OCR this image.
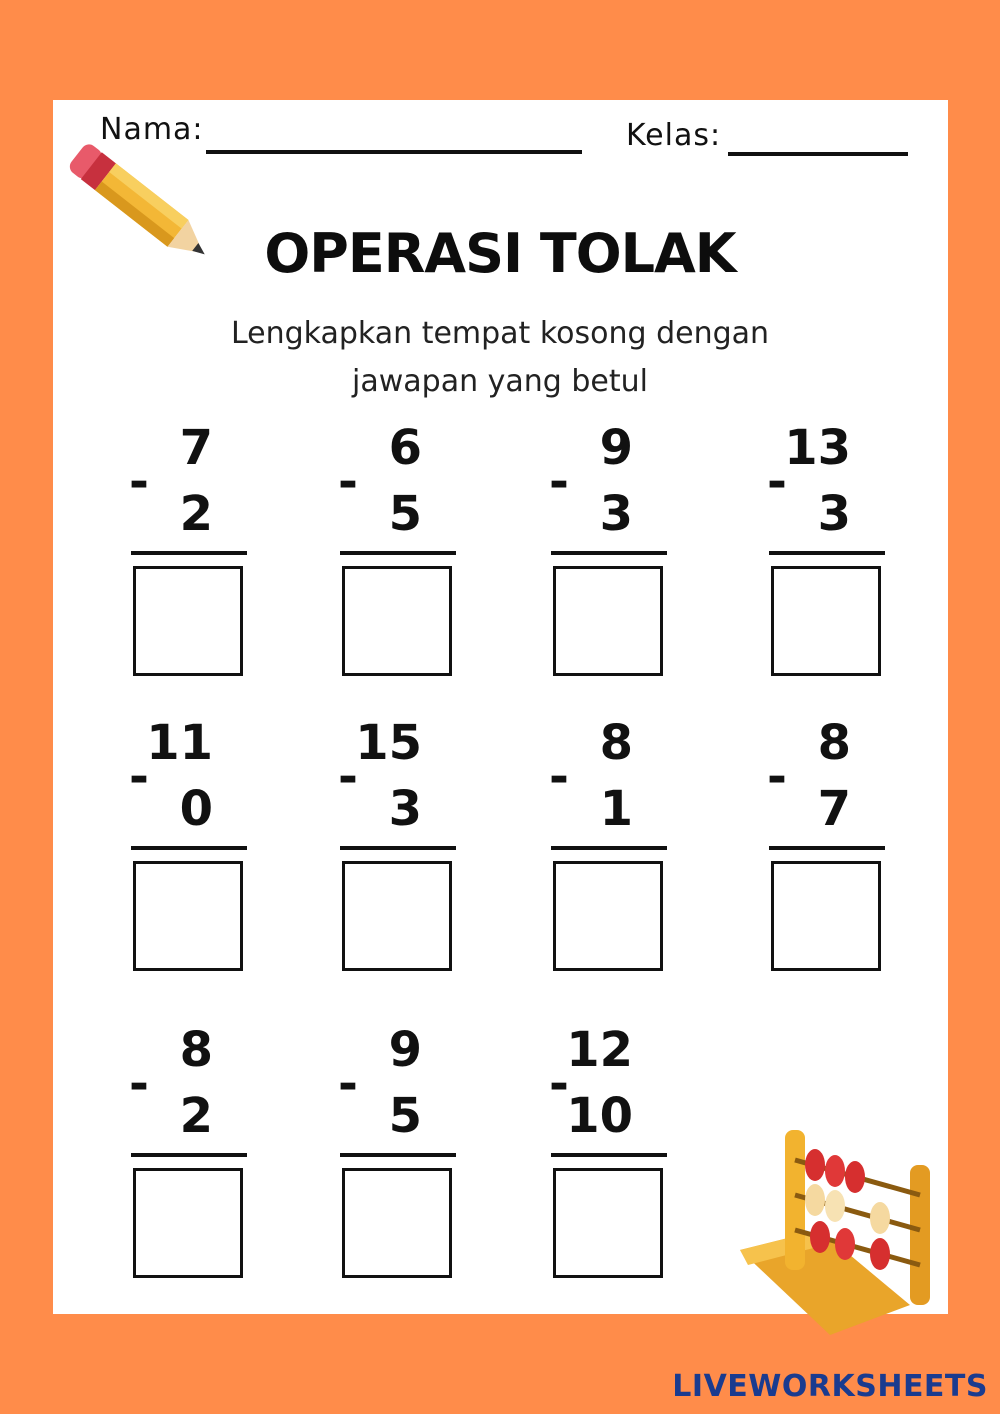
Nama:	Kelas:
OPERASI TOLAK
Lengkapkan tempat kosong dengan
jawapan yang betul
7
-
2
6
-
5
9
-
3
13
-
3
11
-
0
15
-
3
8
-
1
8
-
7
8
-
2
9
-
5
12
-
10
LIVEWORKSHEETS
